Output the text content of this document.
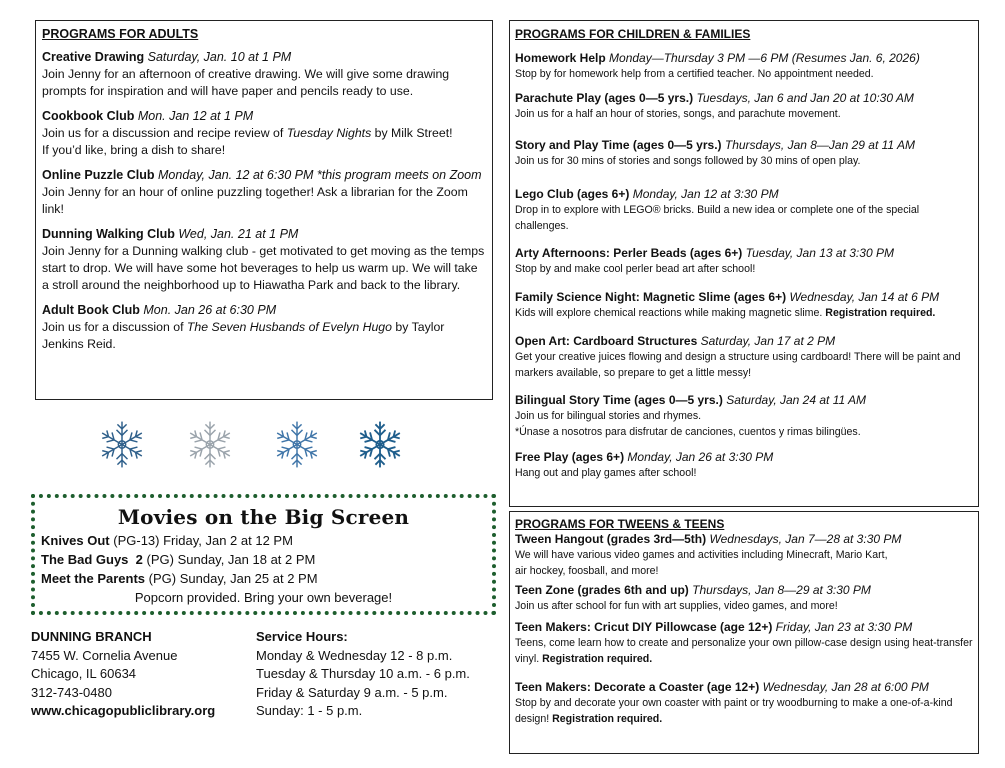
PROGRAMS FOR ADULTS
Creative Drawing Saturday, Jan. 10 at 1 PM
Join Jenny for an afternoon of creative drawing. We will give some drawing prompts for inspiration and will have paper and pencils ready to use.
Cookbook Club Mon. Jan 12 at 1 PM
Join us for a discussion and recipe review of Tuesday Nights by Milk Street!
If you’d like, bring a dish to share!
Online Puzzle Club Monday, Jan. 12 at 6:30 PM *this program meets on Zoom
Join Jenny for an hour of online puzzling together! Ask a librarian for the Zoom link!
Dunning Walking Club Wed, Jan. 21 at 1 PM
Join Jenny for a Dunning walking club - get motivated to get moving as the temps start to drop. We will have some hot beverages to help us warm up. We will take a stroll around the neighborhood up to Hiawatha Park and back to the library.
Adult Book Club Mon. Jan 26 at 6:30 PM
Join us for a discussion of The Seven Husbands of Evelyn Hugo by Taylor Jenkins Reid.
Movies on the Big Screen
Knives Out (PG-13) Friday, Jan 2 at 12 PM
The Bad Guys  2 (PG) Sunday, Jan 18 at 2 PM
Meet the Parents (PG) Sunday, Jan 25 at 2 PM
Popcorn provided. Bring your own beverage!
DUNNING BRANCH
7455 W. Cornelia Avenue
Chicago, IL 60634
312-743-0480
www.chicagopubliclibrary.org
Service Hours:
Monday & Wednesday 12 - 8 p.m.
Tuesday & Thursday 10 a.m. - 6 p.m.
Friday & Saturday 9 a.m. - 5 p.m.
Sunday: 1 - 5 p.m.
PROGRAMS FOR CHILDREN & FAMILIES
Homework Help Monday—Thursday 3 PM —6 PM (Resumes Jan. 6, 2026)
Stop by for homework help from a certified teacher. No appointment needed.
Parachute Play (ages 0—5 yrs.) Tuesdays, Jan 6 and Jan 20 at 10:30 AM
Join us for a half an hour of stories, songs, and parachute movement.
Story and Play Time (ages 0—5 yrs.) Thursdays, Jan 8—Jan 29 at 11 AM
Join us for 30 mins of stories and songs followed by 30 mins of open play.
Lego Club (ages 6+) Monday, Jan 12 at 3:30 PM
Drop in to explore with LEGO® bricks. Build a new idea or complete one of the special challenges.
Arty Afternoons: Perler Beads (ages 6+) Tuesday, Jan 13 at 3:30 PM
Stop by and make cool perler bead art after school!
Family Science Night: Magnetic Slime (ages 6+) Wednesday, Jan 14 at 6 PM
Kids will explore chemical reactions while making magnetic slime. Registration required.
Open Art: Cardboard Structures Saturday, Jan 17 at 2 PM
Get your creative juices flowing and design a structure using cardboard! There will be paint and markers available, so prepare to get a little messy!
Bilingual Story Time (ages 0—5 yrs.) Saturday, Jan 24 at 11 AM
Join us for bilingual stories and rhymes.
*Únase a nosotros para disfrutar de canciones, cuentos y rimas bilingües.
Free Play (ages 6+) Monday, Jan 26 at 3:30 PM
Hang out and play games after school!
PROGRAMS FOR TWEENS & TEENS
Tween Hangout (grades 3rd—5th) Wednesdays, Jan 7—28 at 3:30 PM
We will have various video games and activities including Minecraft, Mario Kart,
air hockey, foosball, and more!
Teen Zone (grades 6th and up) Thursdays, Jan 8—29 at 3:30 PM
Join us after school for fun with art supplies, video games, and more!
Teen Makers: Cricut DIY Pillowcase (age 12+) Friday, Jan 23 at 3:30 PM
Teens, come learn how to create and personalize your own pillow-case design using heat-transfer vinyl. Registration required.
Teen Makers: Decorate a Coaster (age 12+) Wednesday, Jan 28 at 6:00 PM
Stop by and decorate your own coaster with paint or try woodburning to make a one-of-a-kind design! Registration required.
